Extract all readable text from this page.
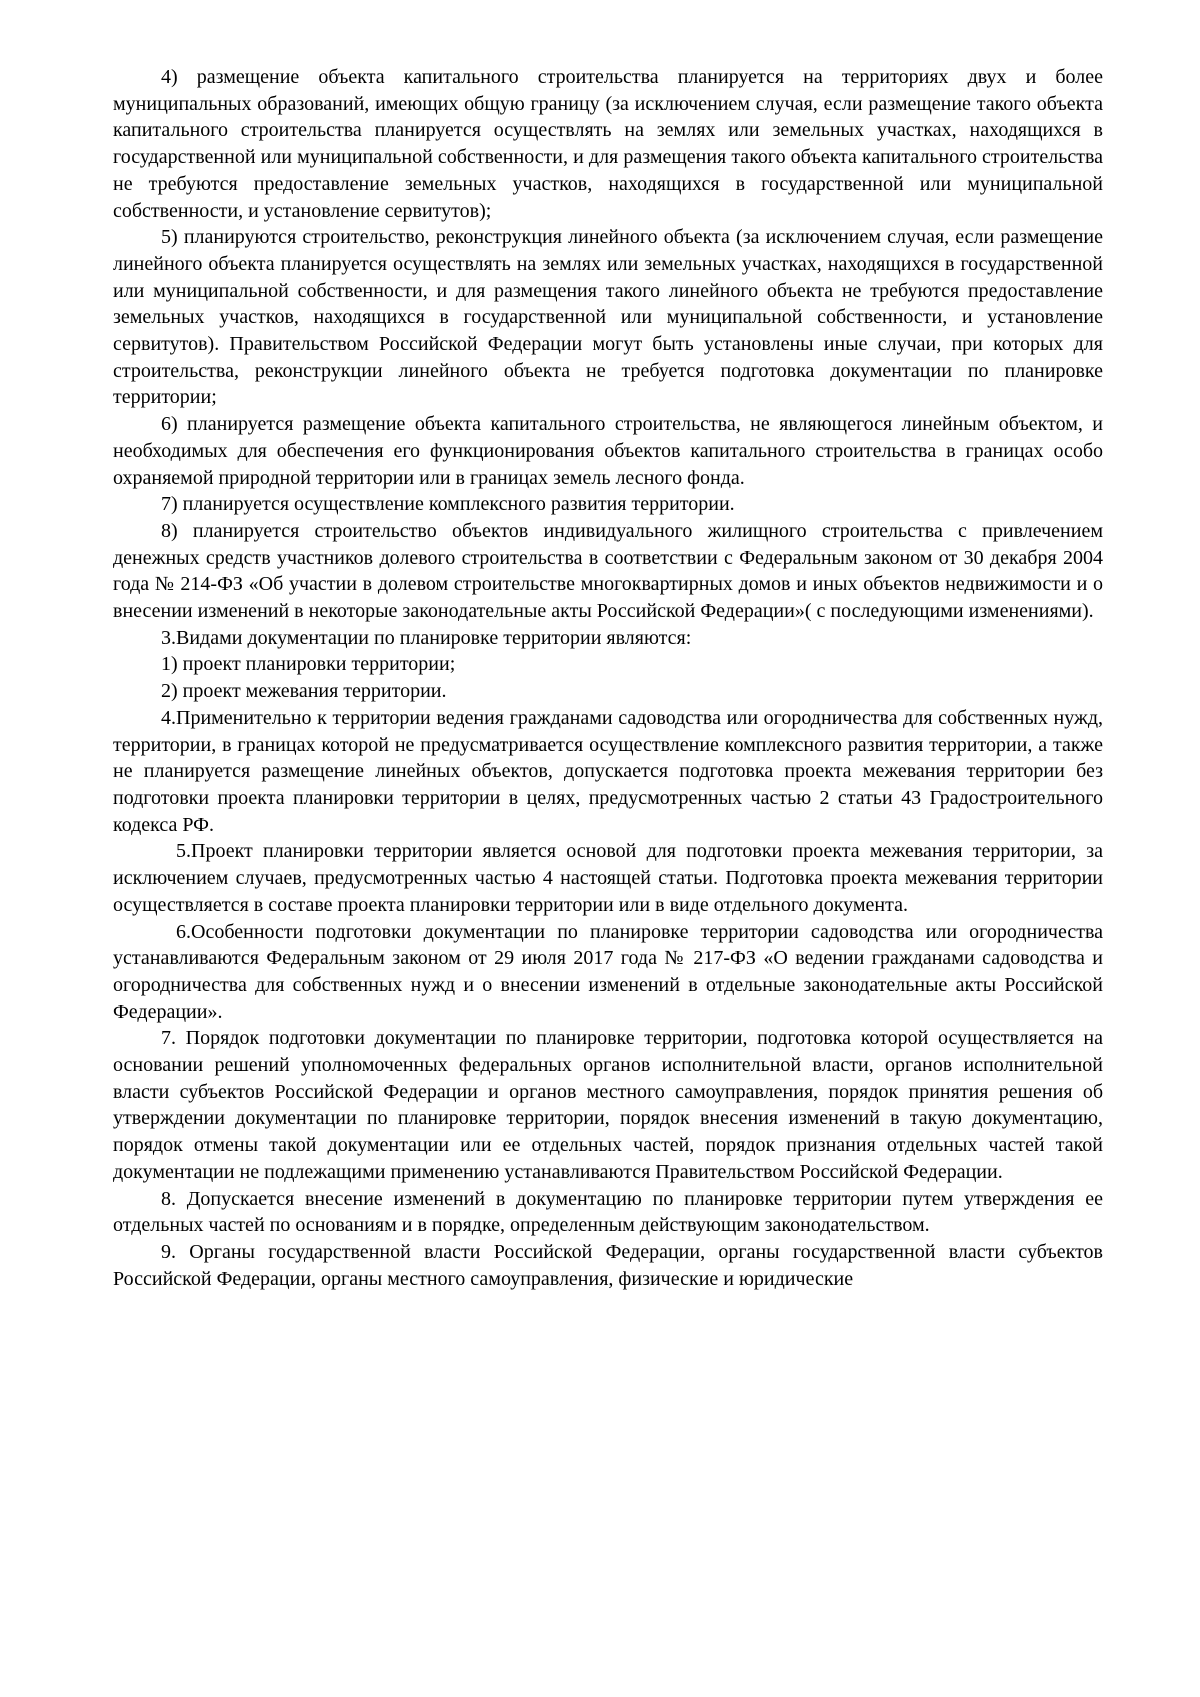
4) размещение объекта капитального строительства планируется на территориях двух и более муниципальных образований, имеющих общую границу (за исключением случая, если размещение такого объекта капитального строительства планируется осуществлять на землях или земельных участках, находящихся в государственной или муниципальной собственности, и для размещения такого объекта капитального строительства не требуются предоставление земельных участков, находящихся в государственной или муниципальной собственности, и установление сервитутов);

5) планируются строительство, реконструкция линейного объекта (за исключением случая, если размещение линейного объекта планируется осуществлять на землях или земельных участках, находящихся в государственной или муниципальной собственности, и для размещения такого линейного объекта не требуются предоставление земельных участков, находящихся в государственной или муниципальной собственности, и установление сервитутов). Правительством Российской Федерации могут быть установлены иные случаи, при которых для строительства, реконструкции линейного объекта не требуется подготовка документации по планировке территории;

6) планируется размещение объекта капитального строительства, не являющегося линейным объектом, и необходимых для обеспечения его функционирования объектов капитального строительства в границах особо охраняемой природной территории или в границах земель лесного фонда.

7) планируется осуществление комплексного развития территории.

8) планируется строительство объектов индивидуального жилищного строительства с привлечением денежных средств участников долевого строительства в соответствии с Федеральным законом от 30 декабря 2004 года № 214-ФЗ «Об участии в долевом строительстве многоквартирных домов и иных объектов недвижимости и о внесении изменений в некоторые законодательные акты Российской Федерации»( с последующими изменениями).

3.Видами документации по планировке территории являются:

1) проект планировки территории;

2) проект межевания территории.

4.Применительно к территории ведения гражданами садоводства или огородничества для собственных нужд, территории, в границах которой не предусматривается осуществление комплексного развития территории, а также не планируется размещение линейных объектов, допускается подготовка проекта межевания территории без подготовки проекта планировки территории в целях, предусмотренных частью 2 статьи 43 Градостроительного кодекса РФ.

5.Проект планировки территории является основой для подготовки проекта межевания территории, за исключением случаев, предусмотренных частью 4 настоящей статьи. Подготовка проекта межевания территории осуществляется в составе проекта планировки территории или в виде отдельного документа.

6.Особенности подготовки документации по планировке территории садоводства или огородничества устанавливаются Федеральным законом от 29 июля 2017 года № 217-ФЗ «О ведении гражданами садоводства и огородничества для собственных нужд и о внесении изменений в отдельные законодательные акты Российской Федерации».

7. Порядок подготовки документации по планировке территории, подготовка которой осуществляется на основании решений уполномоченных федеральных органов исполнительной власти, органов исполнительной власти субъектов Российской Федерации и органов местного самоуправления, порядок принятия решения об утверждении документации по планировке территории, порядок внесения изменений в такую документацию, порядок отмены такой документации или ее отдельных частей, порядок признания отдельных частей такой документации не подлежащими применению устанавливаются Правительством Российской Федерации.

8. Допускается внесение изменений в документацию по планировке территории путем утверждения ее отдельных частей по основаниям и в порядке, определенным действующим законодательством.

9. Органы государственной власти Российской Федерации, органы государственной власти субъектов Российской Федерации, органы местного самоуправления, физические и юридические
